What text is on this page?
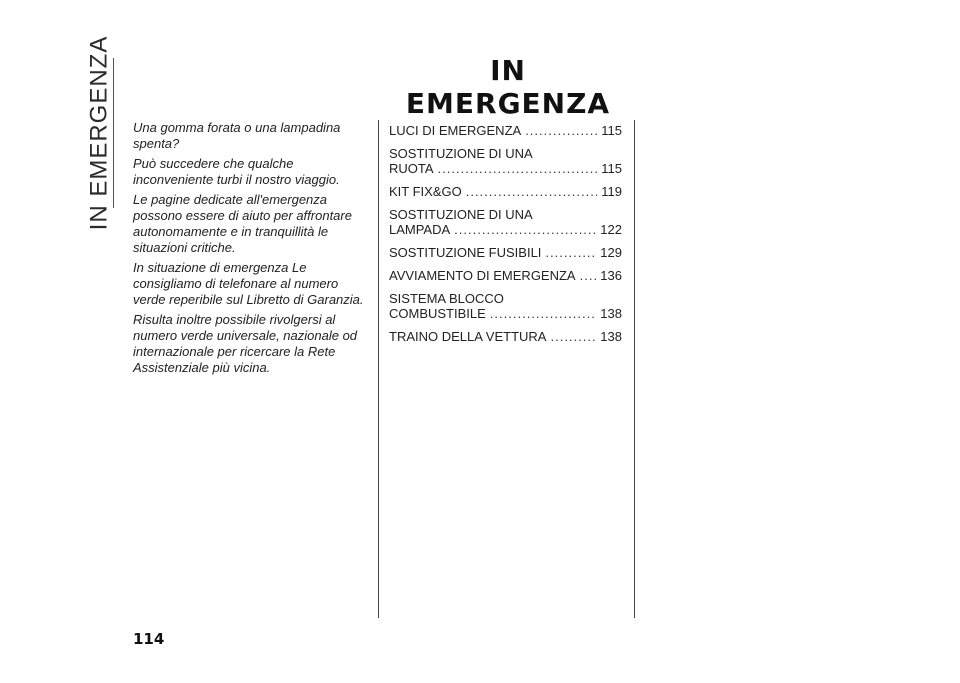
IN EMERGENZA	IN EMERGENZA

Una gomma forata o una lampadina spenta?

Può succedere che qualche inconveniente turbi il nostro viaggio.

Le pagine dedicate all'emergenza possono essere di aiuto per affrontare autonomamente e in tranquillità le situazioni critiche.

In situazione di emergenza Le consigliamo di telefonare al numero verde reperibile sul Libretto di Garanzia.

Risulta inoltre possibile rivolgersi al numero verde universale, nazionale od internazionale per ricercare la Rete Assistenziale più vicina.

LUCI DI EMERGENZA .....	115
SOSTITUZIONE DI UNA
RUOTA .....	115
KIT FIX&GO .....	119
SOSTITUZIONE DI UNA
LAMPADA .....	122
SOSTITUZIONE FUSIBILI .....	129
AVVIAMENTO DI EMERGENZA ..... 136
SISTEMA BLOCCO
COMBUSTIBILE .....	138
TRAINO DELLA VETTURA .....	138
114
